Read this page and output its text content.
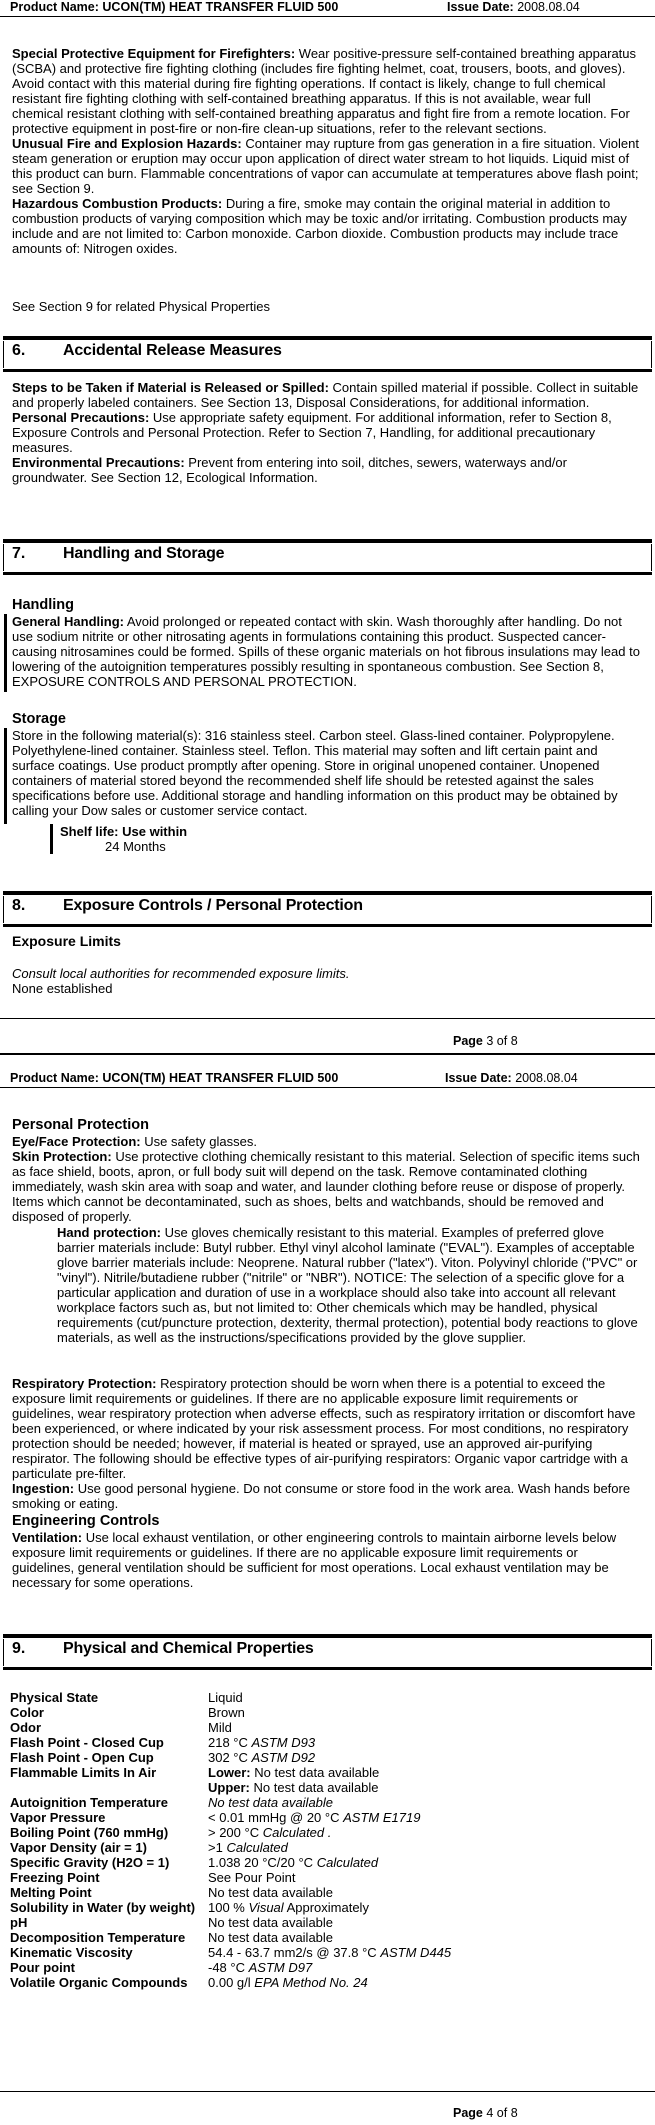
Product Name: UCON(TM) HEAT TRANSFER FLUID 500	Issue Date: 2008.08.04
Special Protective Equipment for Firefighters: Wear positive-pressure self-contained breathing apparatus (SCBA) and protective fire fighting clothing (includes fire fighting helmet, coat, trousers, boots, and gloves). Avoid contact with this material during fire fighting operations. If contact is likely, change to full chemical resistant fire fighting clothing with self-contained breathing apparatus. If this is not available, wear full chemical resistant clothing with self-contained breathing apparatus and fight fire from a remote location. For protective equipment in post-fire or non-fire clean-up situations, refer to the relevant sections.
Unusual Fire and Explosion Hazards: Container may rupture from gas generation in a fire situation. Violent steam generation or eruption may occur upon application of direct water stream to hot liquids. Liquid mist of this product can burn. Flammable concentrations of vapor can accumulate at temperatures above flash point; see Section 9.
Hazardous Combustion Products: During a fire, smoke may contain the original material in addition to combustion products of varying composition which may be toxic and/or irritating. Combustion products may include and are not limited to: Carbon monoxide. Carbon dioxide. Combustion products may include trace amounts of: Nitrogen oxides.
See Section 9 for related Physical Properties
6. Accidental Release Measures
Steps to be Taken if Material is Released or Spilled: Contain spilled material if possible. Collect in suitable and properly labeled containers. See Section 13, Disposal Considerations, for additional information.
Personal Precautions: Use appropriate safety equipment. For additional information, refer to Section 8, Exposure Controls and Personal Protection. Refer to Section 7, Handling, for additional precautionary measures.
Environmental Precautions: Prevent from entering into soil, ditches, sewers, waterways and/or groundwater. See Section 12, Ecological Information.
7. Handling and Storage
Handling
General Handling: Avoid prolonged or repeated contact with skin. Wash thoroughly after handling. Do not use sodium nitrite or other nitrosating agents in formulations containing this product. Suspected cancer-causing nitrosamines could be formed. Spills of these organic materials on hot fibrous insulations may lead to lowering of the autoignition temperatures possibly resulting in spontaneous combustion. See Section 8, EXPOSURE CONTROLS AND PERSONAL PROTECTION.
Storage
Store in the following material(s): 316 stainless steel. Carbon steel. Glass-lined container. Polypropylene. Polyethylene-lined container. Stainless steel. Teflon. This material may soften and lift certain paint and surface coatings. Use product promptly after opening. Store in original unopened container. Unopened containers of material stored beyond the recommended shelf life should be retested against the sales specifications before use. Additional storage and handling information on this product may be obtained by calling your Dow sales or customer service contact.
Shelf life: Use within
24 Months
8. Exposure Controls / Personal Protection
Exposure Limits
Consult local authorities for recommended exposure limits.
None established
Page 3 of 8
Product Name: UCON(TM) HEAT TRANSFER FLUID 500	Issue Date: 2008.08.04
Personal Protection
Eye/Face Protection: Use safety glasses.
Skin Protection: Use protective clothing chemically resistant to this material. Selection of specific items such as face shield, boots, apron, or full body suit will depend on the task. Remove contaminated clothing immediately, wash skin area with soap and water, and launder clothing before reuse or dispose of properly. Items which cannot be decontaminated, such as shoes, belts and watchbands, should be removed and disposed of properly.
Hand protection: Use gloves chemically resistant to this material. Examples of preferred glove barrier materials include: Butyl rubber. Ethyl vinyl alcohol laminate ("EVAL"). Examples of acceptable glove barrier materials include: Neoprene. Natural rubber ("latex"). Viton. Polyvinyl chloride ("PVC" or "vinyl"). Nitrile/butadiene rubber ("nitrile" or "NBR"). NOTICE: The selection of a specific glove for a particular application and duration of use in a workplace should also take into account all relevant workplace factors such as, but not limited to: Other chemicals which may be handled, physical requirements (cut/puncture protection, dexterity, thermal protection), potential body reactions to glove materials, as well as the instructions/specifications provided by the glove supplier.
Respiratory Protection: Respiratory protection should be worn when there is a potential to exceed the exposure limit requirements or guidelines. If there are no applicable exposure limit requirements or guidelines, wear respiratory protection when adverse effects, such as respiratory irritation or discomfort have been experienced, or where indicated by your risk assessment process. For most conditions, no respiratory protection should be needed; however, if material is heated or sprayed, use an approved air-purifying respirator. The following should be effective types of air-purifying respirators: Organic vapor cartridge with a particulate pre-filter.
Ingestion: Use good personal hygiene. Do not consume or store food in the work area. Wash hands before smoking or eating.
Engineering Controls
Ventilation: Use local exhaust ventilation, or other engineering controls to maintain airborne levels below exposure limit requirements or guidelines. If there are no applicable exposure limit requirements or guidelines, general ventilation should be sufficient for most operations. Local exhaust ventilation may be necessary for some operations.
9. Physical and Chemical Properties
Physical State	Liquid
Color	Brown
Odor	Mild
Flash Point - Closed Cup	218 °C ASTM D93
Flash Point - Open Cup	302 °C ASTM D92
Flammable Limits In Air	Lower: No test data available
	Upper: No test data available
Autoignition Temperature	No test data available
Vapor Pressure	< 0.01 mmHg @ 20 °C ASTM E1719
Boiling Point (760 mmHg)	> 200 °C Calculated .
Vapor Density (air = 1)	>1 Calculated
Specific Gravity (H2O = 1)	1.038 20 °C/20 °C Calculated
Freezing Point	See Pour Point
Melting Point	No test data available
Solubility in Water (by weight)	100 % Visual Approximately
pH	No test data available
Decomposition Temperature	No test data available
Kinematic Viscosity	54.4 - 63.7 mm2/s @ 37.8 °C ASTM D445
Pour point	-48 °C ASTM D97
Volatile Organic Compounds	0.00 g/l EPA Method No. 24
Page 4 of 8
